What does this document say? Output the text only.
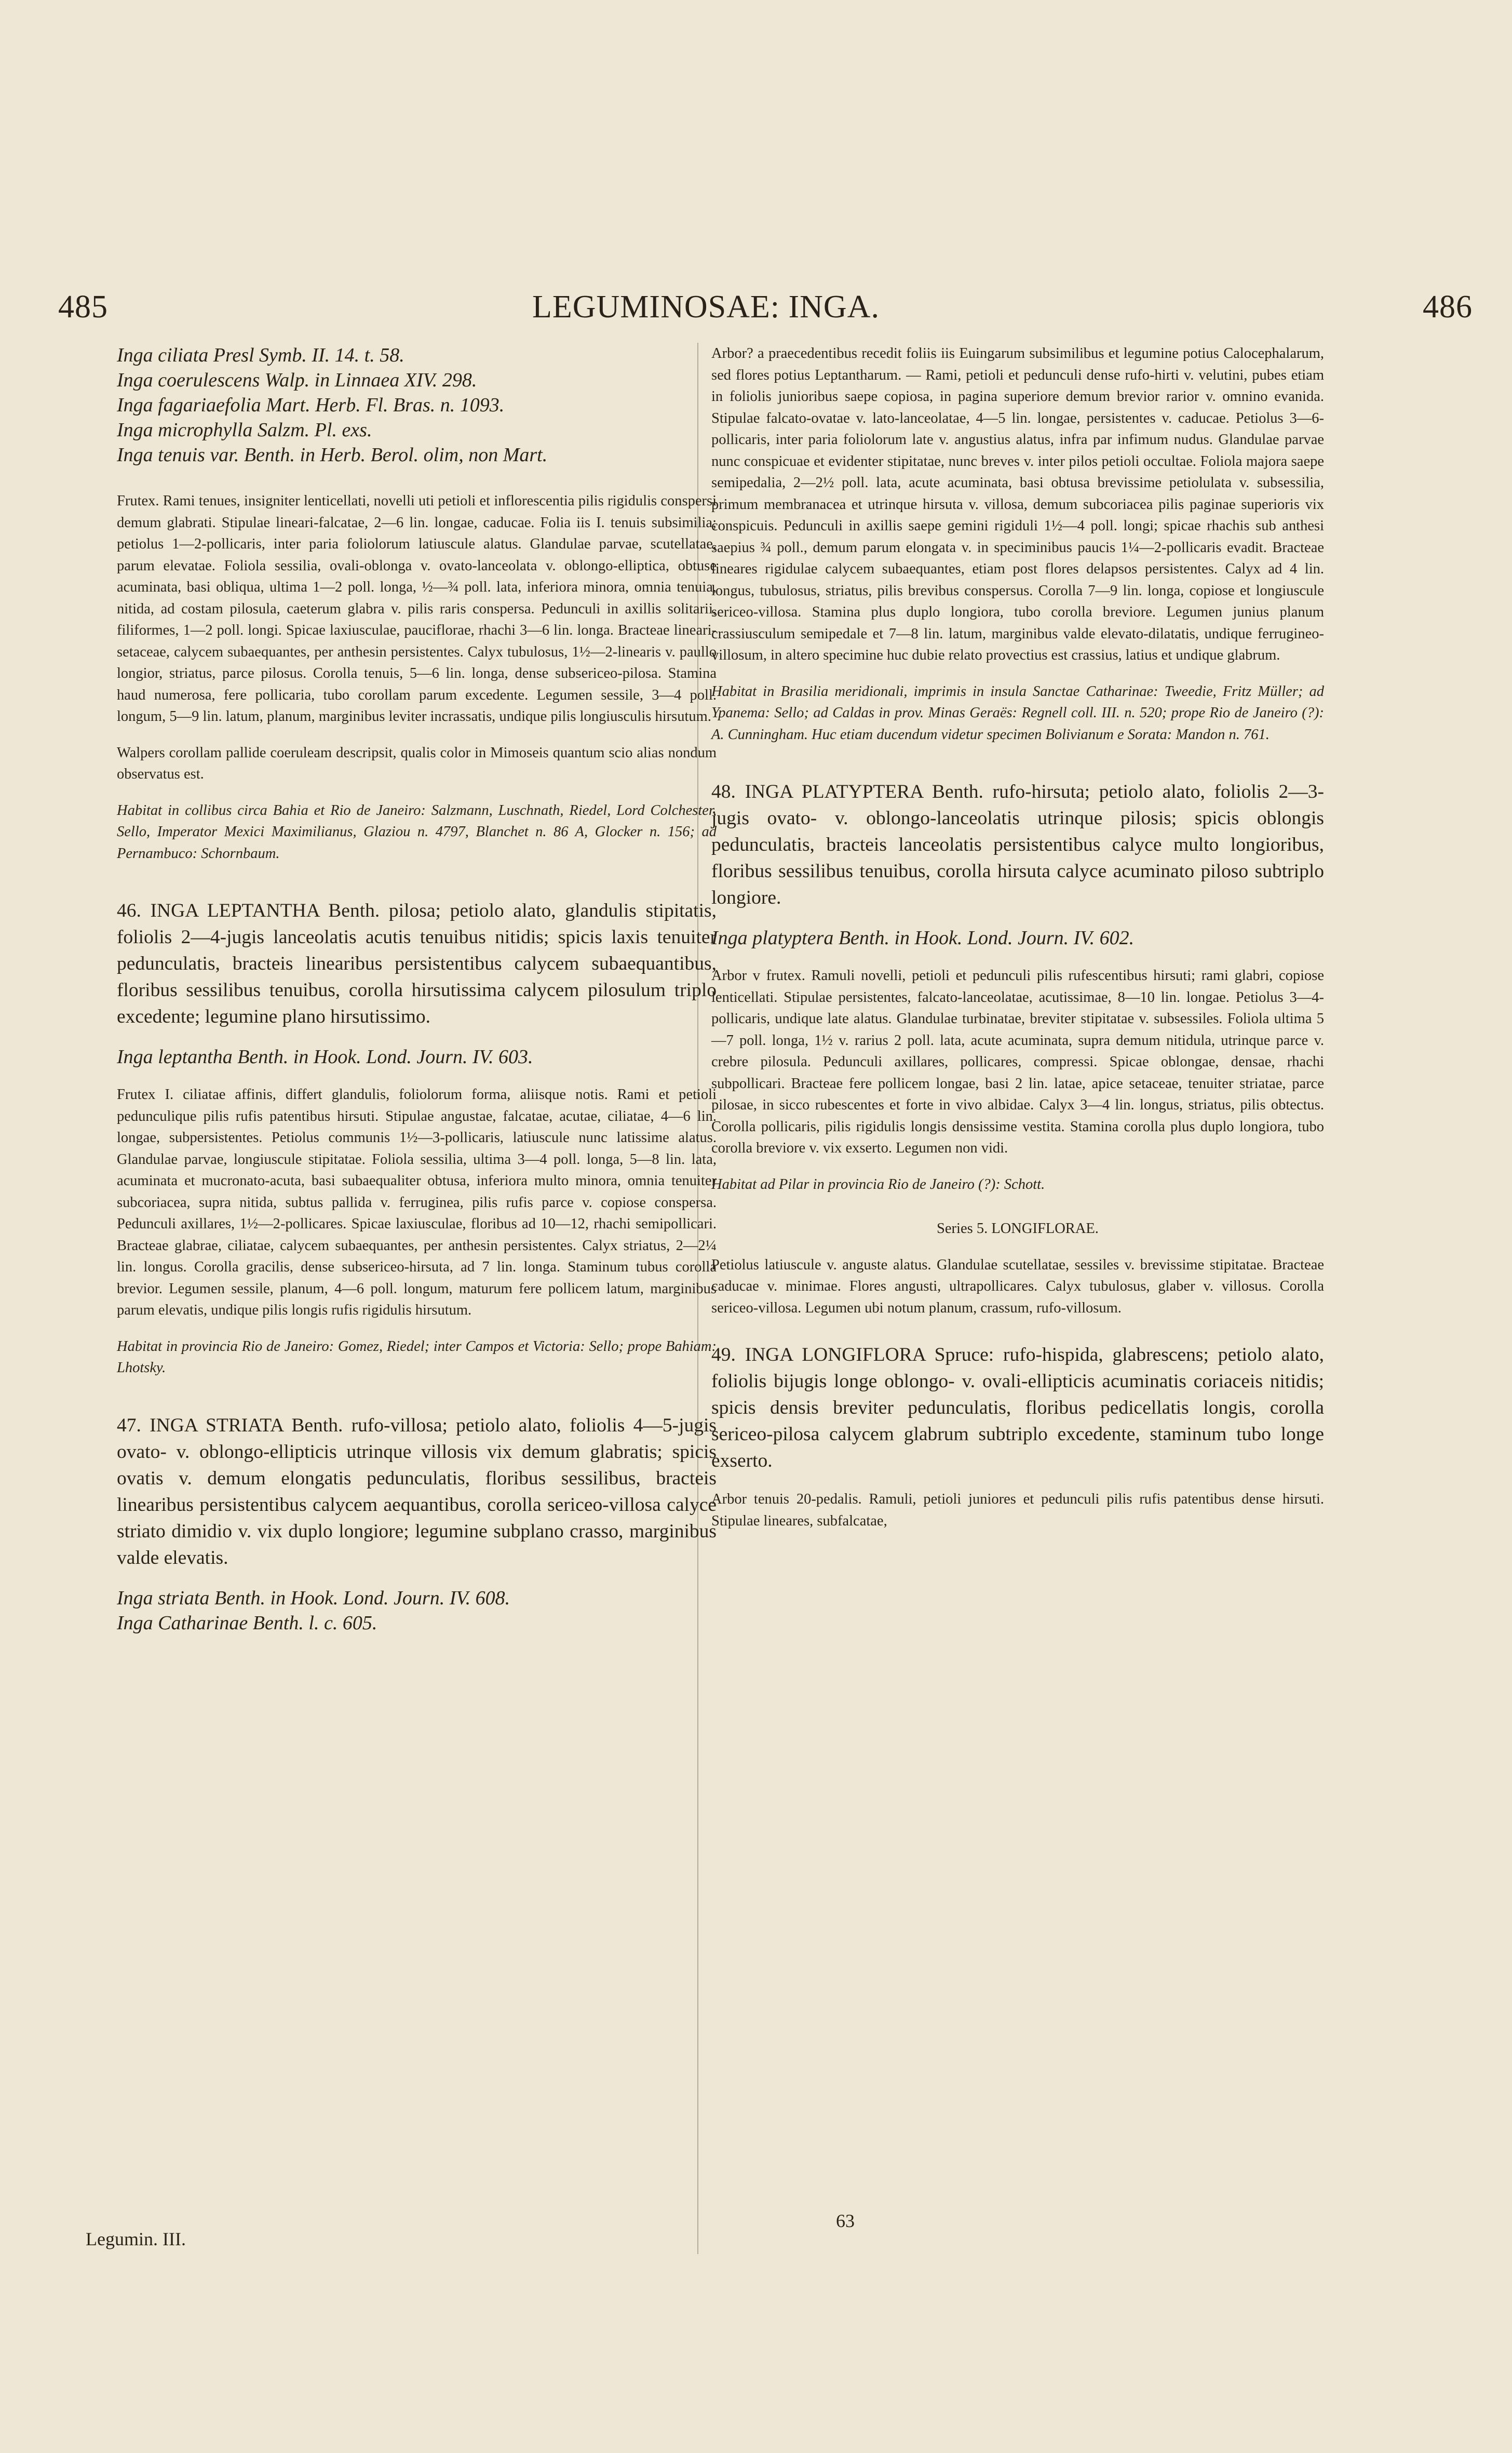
485	LEGUMINOSAE: INGA.	486

Inga ciliata Presl Symb. II. 14. t. 58.

Inga coerulescens Walp. in Linnaea XIV. 298.

Inga fagariaefolia Mart. Herb. Fl. Bras. n. 1093.

Inga microphylla Salzm. Pl. exs.

Inga tenuis var. Benth. in Herb. Berol. olim, non Mart.

Frutex. Rami tenues, insigniter lenticellati, novelli uti petioli et inflorescentia pilis rigidulis conspersi demum glabrati. Stipulae lineari-falcatae, 2—6 lin. longae, caducae. Folia iis I. tenuis subsimilia; petiolus 1—2-pollicaris, inter paria foliolorum latiuscule alatus. Glandulae parvae, scutellatae, parum elevatae. Foliola sessilia, ovali-oblonga v. ovato-lanceolata v. oblongo-elliptica, obtuse acuminata, basi obliqua, ultima 1—2 poll. longa, ½—¾ poll. lata, inferiora minora, omnia tenuia, nitida, ad costam pilosula, caeterum glabra v. pilis raris conspersa. Pedunculi in axillis solitarii, filiformes, 1—2 poll. longi. Spicae laxiusculae, pauciflorae, rhachi 3—6 lin. longa. Bracteae lineari-setaceae, calycem subaequantes, per anthesin persistentes. Calyx tubulosus, 1½—2-linearis v. paullo longior, striatus, parce pilosus. Corolla tenuis, 5—6 lin. longa, dense subsericeo-pilosa. Stamina haud numerosa, fere pollicaria, tubo corollam parum excedente. Legumen sessile, 3—4 poll. longum, 5—9 lin. latum, planum, marginibus leviter incrassatis, undique pilis longiusculis hirsutum.

Walpers corollam pallide coeruleam descripsit, qualis color in Mimoseis quantum scio alias nondum observatus est.

Habitat in collibus circa Bahia et Rio de Janeiro: Salzmann, Luschnath, Riedel, Lord Colchester, Sello, Imperator Mexici Maximilianus, Glaziou n. 4797, Blanchet n. 86 A, Glocker n. 156; ad Pernambuco: Schornbaum.

46. INGA LEPTANTHA Benth. pilosa; petiolo alato, glandulis stipitatis, foliolis 2—4-jugis lanceolatis acutis tenuibus nitidis; spicis laxis tenuiter pedunculatis, bracteis linearibus persistentibus calycem subaequantibus, floribus sessilibus tenuibus, corolla hirsutissima calycem pilosulum triplo excedente; legumine plano hirsutissimo.

Inga leptantha Benth. in Hook. Lond. Journ. IV. 603.

Frutex I. ciliatae affinis, differt glandulis, foliolorum forma, aliisque notis. Rami et petioli pedunculique pilis rufis patentibus hirsuti. Stipulae angustae, falcatae, acutae, ciliatae, 4—6 lin. longae, subpersistentes. Petiolus communis 1½—3-pollicaris, latiuscule nunc latissime alatus. Glandulae parvae, longiuscule stipitatae. Foliola sessilia, ultima 3—4 poll. longa, 5—8 lin. lata, acuminata et mucronato-acuta, basi subaequaliter obtusa, inferiora multo minora, omnia tenuiter subcoriacea, supra nitida, subtus pallida v. ferruginea, pilis rufis parce v. copiose conspersa. Pedunculi axillares, 1½—2-pollicares. Spicae laxiusculae, floribus ad 10—12, rhachi semipollicari. Bracteae glabrae, ciliatae, calycem subaequantes, per anthesin persistentes. Calyx striatus, 2—2¼ lin. longus. Corolla gracilis, dense subsericeo-hirsuta, ad 7 lin. longa. Staminum tubus corolla brevior. Legumen sessile, planum, 4—6 poll. longum, maturum fere pollicem latum, marginibus parum elevatis, undique pilis longis rufis rigidulis hirsutum.

Habitat in provincia Rio de Janeiro: Gomez, Riedel; inter Campos et Victoria: Sello; prope Bahiam: Lhotsky.

47. INGA STRIATA Benth. rufo-villosa; petiolo alato, foliolis 4—5-jugis ovato- v. oblongo-ellipticis utrinque villosis vix demum glabratis; spicis ovatis v. demum elongatis pedunculatis, floribus sessilibus, bracteis linearibus persistentibus calycem aequantibus, corolla sericeo-villosa calyce striato dimidio v. vix duplo longiore; legumine subplano crasso, marginibus valde elevatis.

Inga striata Benth. in Hook. Lond. Journ. IV. 608.

Inga Catharinae Benth. l. c. 605.

Arbor? a praecedentibus recedit foliis iis Euingarum subsimilibus et legumine potius Calocephalarum, sed flores potius Leptantharum. — Rami, petioli et pedunculi dense rufo-hirti v. velutini, pubes etiam in foliolis junioribus saepe copiosa, in pagina superiore demum brevior rarior v. omnino evanida. Stipulae falcato-ovatae v. lato-lanceolatae, 4—5 lin. longae, persistentes v. caducae. Petiolus 3—6-pollicaris, inter paria foliolorum late v. angustius alatus, infra par infimum nudus. Glandulae parvae nunc conspicuae et evidenter stipitatae, nunc breves v. inter pilos petioli occultae. Foliola majora saepe semipedalia, 2—2½ poll. lata, acute acuminata, basi obtusa brevissime petiolulata v. subsessilia, primum membranacea et utrinque hirsuta v. villosa, demum subcoriacea pilis paginae superioris vix conspicuis. Pedunculi in axillis saepe gemini rigiduli 1½—4 poll. longi; spicae rhachis sub anthesi saepius ¾ poll., demum parum elongata v. in speciminibus paucis 1¼—2-pollicaris evadit. Bracteae lineares rigidulae calycem subaequantes, etiam post flores delapsos persistentes. Calyx ad 4 lin. longus, tubulosus, striatus, pilis brevibus conspersus. Corolla 7—9 lin. longa, copiose et longiuscule sericeo-villosa. Stamina plus duplo longiora, tubo corolla breviore. Legumen junius planum crassiusculum semipedale et 7—8 lin. latum, marginibus valde elevato-dilatatis, undique ferrugineo-villosum, in altero specimine huc dubie relato provectius est crassius, latius et undique glabrum.

Habitat in Brasilia meridionali, imprimis in insula Sanctae Catharinae: Tweedie, Fritz Müller; ad Ypanema: Sello; ad Caldas in prov. Minas Geraës: Regnell coll. III. n. 520; prope Rio de Janeiro (?): A. Cunningham. Huc etiam ducendum videtur specimen Bolivianum e Sorata: Mandon n. 761.

48. INGA PLATYPTERA Benth. rufo-hirsuta; petiolo alato, foliolis 2—3-jugis ovato- v. oblongo-lanceolatis utrinque pilosis; spicis oblongis pedunculatis, bracteis lanceolatis persistentibus calyce multo longioribus, floribus sessilibus tenuibus, corolla hirsuta calyce acuminato piloso subtriplo longiore.

Inga platyptera Benth. in Hook. Lond. Journ. IV. 602.

Arbor v frutex. Ramuli novelli, petioli et pedunculi pilis rufescentibus hirsuti; rami glabri, copiose lenticellati. Stipulae persistentes, falcato-lanceolatae, acutissimae, 8—10 lin. longae. Petiolus 3—4-pollicaris, undique late alatus. Glandulae turbinatae, breviter stipitatae v. subsessiles. Foliola ultima 5—7 poll. longa, 1½ v. rarius 2 poll. lata, acute acuminata, supra demum nitidula, utrinque parce v. crebre pilosula. Pedunculi axillares, pollicares, compressi. Spicae oblongae, densae, rhachi subpollicari. Bracteae fere pollicem longae, basi 2 lin. latae, apice setaceae, tenuiter striatae, parce pilosae, in sicco rubescentes et forte in vivo albidae. Calyx 3—4 lin. longus, striatus, pilis obtectus. Corolla pollicaris, pilis rigidulis longis densissime vestita. Stamina corolla plus duplo longiora, tubo corolla breviore v. vix exserto. Legumen non vidi.

Habitat ad Pilar in provincia Rio de Janeiro (?): Schott.

Series 5. LONGIFLORAE.

Petiolus latiuscule v. anguste alatus. Glandulae scutellatae, sessiles v. brevissime stipitatae. Bracteae caducae v. minimae. Flores angusti, ultrapollicares. Calyx tubulosus, glaber v. villosus. Corolla sericeo-villosa. Legumen ubi notum planum, crassum, rufo-villosum.

49. INGA LONGIFLORA Spruce: rufo-hispida, glabrescens; petiolo alato, foliolis bijugis longe oblongo- v. ovali-ellipticis acuminatis coriaceis nitidis; spicis densis breviter pedunculatis, floribus pedicellatis longis, corolla sericeo-pilosa calycem glabrum subtriplo excedente, staminum tubo longe exserto.

Arbor tenuis 20-pedalis. Ramuli, petioli juniores et pedunculi pilis rufis patentibus dense hirsuti. Stipulae lineares, subfalcatae,

Legumin. III.
63
